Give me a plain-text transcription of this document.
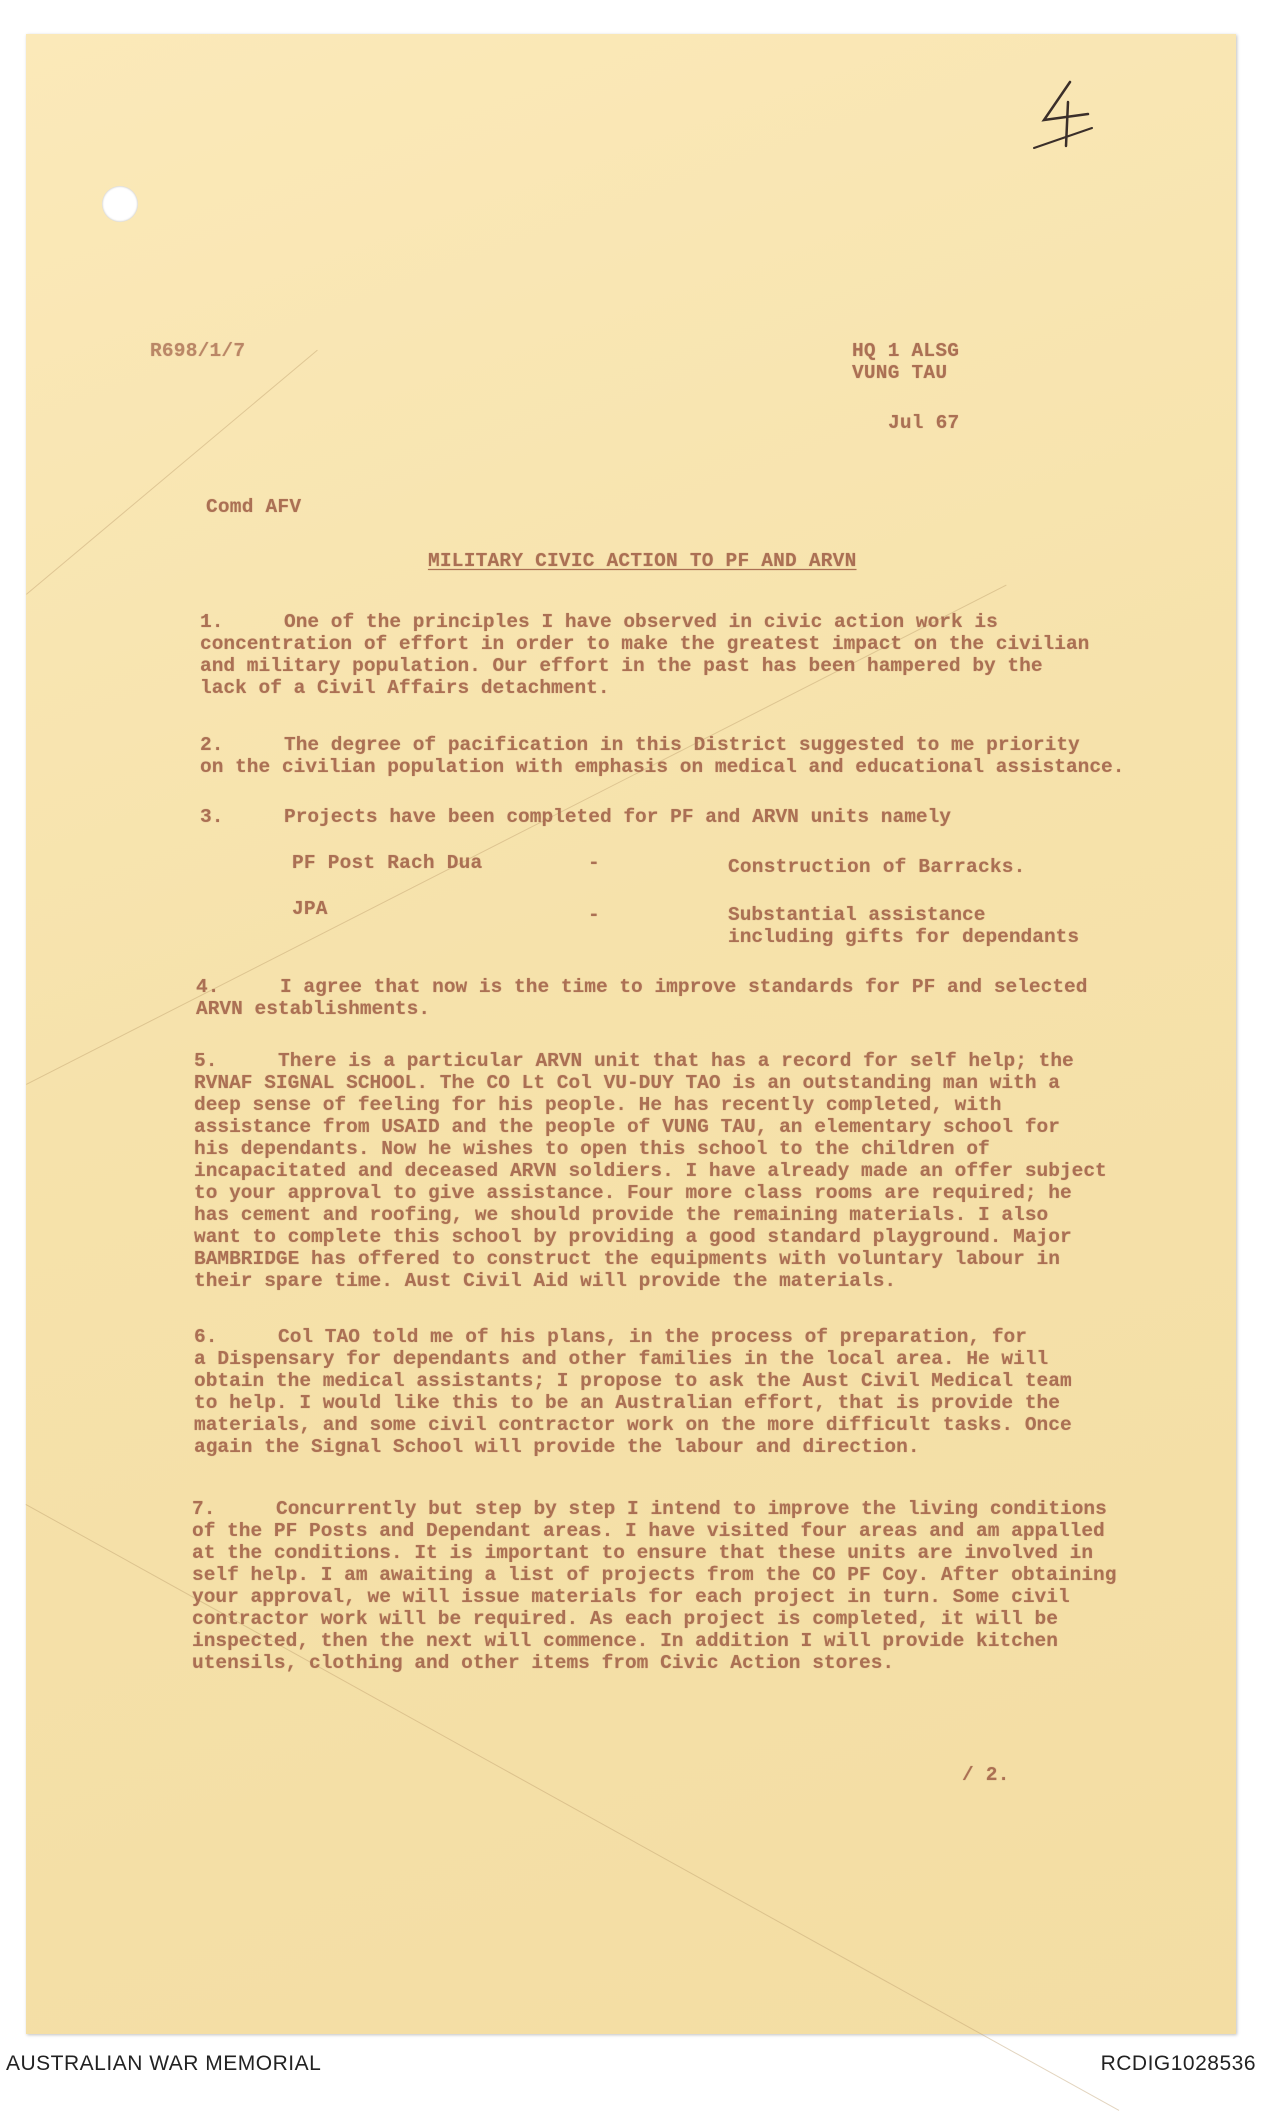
R698/1/7	HQ 1 ALSG
VUNG TAU
Jul 67
Comd AFV
MILITARY CIVIC ACTION TO PF AND ARVN
1.	One of the principles I have observed in civic action work is
concentration of effort in order to make the greatest impact on the civilian
and military population. Our effort in the past has been hampered by the
lack of a Civil Affairs detachment.
2.	The degree of pacification in this District suggested to me priority
on the civilian population with emphasis on medical and educational assistance.
3.	Projects have been completed for PF and ARVN units namely
PF Post Rach Dua	-	Construction of Barracks.
JPA	-	Substantial assistance
including gifts for dependants
4.	I agree that now is the time to improve standards for PF and selected
ARVN establishments.
5.	There is a particular ARVN unit that has a record for self help; the
RVNAF SIGNAL SCHOOL. The CO Lt Col VU-DUY TAO is an outstanding man with a
deep sense of feeling for his people. He has recently completed, with
assistance from USAID and the people of VUNG TAU, an elementary school for
his dependants. Now he wishes to open this school to the children of
incapacitated and deceased ARVN soldiers. I have already made an offer subject
to your approval to give assistance. Four more class rooms are required; he
has cement and roofing, we should provide the remaining materials. I also
want to complete this school by providing a good standard playground. Major
BAMBRIDGE has offered to construct the equipments with voluntary labour in
their spare time. Aust Civil Aid will provide the materials.
6.	Col TAO told me of his plans, in the process of preparation, for
a Dispensary for dependants and other families in the local area. He will
obtain the medical assistants; I propose to ask the Aust Civil Medical team
to help. I would like this to be an Australian effort, that is provide the
materials, and some civil contractor work on the more difficult tasks. Once
again the Signal School will provide the labour and direction.
7.	Concurrently but step by step I intend to improve the living conditions
of the PF Posts and Dependant areas. I have visited four areas and am appalled
at the conditions. It is important to ensure that these units are involved in
self help. I am awaiting a list of projects from the CO PF Coy. After obtaining
your approval, we will issue materials for each project in turn. Some civil
contractor work will be required. As each project is completed, it will be
inspected, then the next will commence. In addition I will provide kitchen
utensils, clothing and other items from Civic Action stores.
/ 2.
AUSTRALIAN WAR MEMORIAL	RCDIG1028536
